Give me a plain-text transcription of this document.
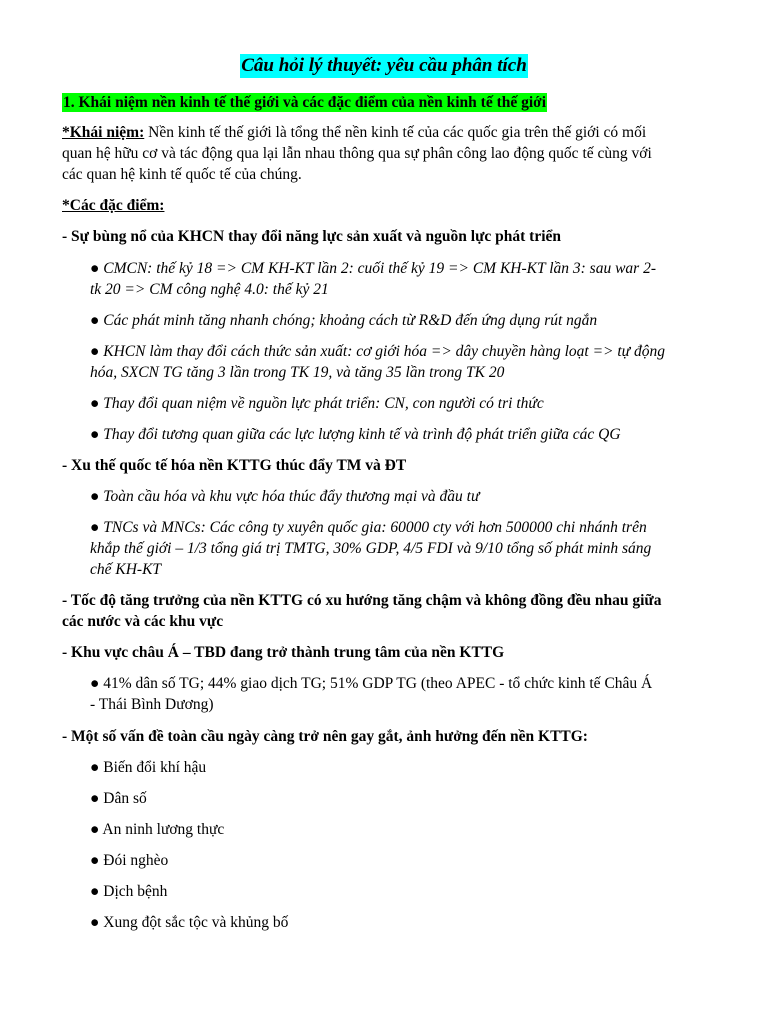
Câu hỏi lý thuyết: yêu cầu phân tích
1. Khái niệm nền kinh tế thế giới và các đặc điểm của nền kinh tế thế giới
*Khái niệm: Nền kinh tế thế giới là tổng thể nền kinh tế của các quốc gia trên thế giới có mối
quan hệ hữu cơ và tác động qua lại lẫn nhau thông qua sự phân công lao động quốc tế cùng với
các quan hệ kinh tế quốc tế của chúng.
*Các đặc điểm:
- Sự bùng nổ của KHCN thay đổi năng lực sản xuất và nguồn lực phát triển
● CMCN: thế kỷ 18 => CM KH-KT lần 2: cuối thế kỷ 19 => CM KH-KT lần 3: sau war 2-
tk 20 => CM công nghệ 4.0: thế kỷ 21
● Các phát minh tăng nhanh chóng; khoảng cách từ R&D đến ứng dụng rút ngắn
● KHCN làm thay đổi cách thức sản xuất: cơ giới hóa => dây chuyền hàng loạt => tự động
hóa, SXCN TG tăng 3 lần trong TK 19, và tăng 35 lần trong TK 20
● Thay đổi quan niệm về nguồn lực phát triển: CN, con người có tri thức
● Thay đổi tương quan giữa các lực lượng kinh tế và trình độ phát triển giữa các QG
- Xu thế quốc tế hóa nền KTTG thúc đẩy TM và ĐT
● Toàn cầu hóa và khu vực hóa thúc đẩy thương mại và đầu tư
● TNCs và MNCs: Các công ty xuyên quốc gia: 60000 cty với hơn 500000 chi nhánh trên
khắp thế giới – 1/3 tổng giá trị TMTG, 30% GDP, 4/5 FDI và 9/10 tổng số phát minh sáng
chế KH-KT
- Tốc độ tăng trưởng của nền KTTG có xu hướng tăng chậm và không đồng đều nhau giữa
các nước và các khu vực
- Khu vực châu Á – TBD đang trở thành trung tâm của nền KTTG
● 41% dân số TG; 44% giao dịch TG; 51% GDP TG (theo APEC - tổ chức kinh tế Châu Á
- Thái Bình Dương)
- Một số vấn đề toàn cầu ngày càng trở nên gay gắt, ảnh hưởng đến nền KTTG:
● Biến đổi khí hậu
● Dân số
● An ninh lương thực
● Đói nghèo
● Dịch bệnh
● Xung đột sắc tộc và khủng bố
